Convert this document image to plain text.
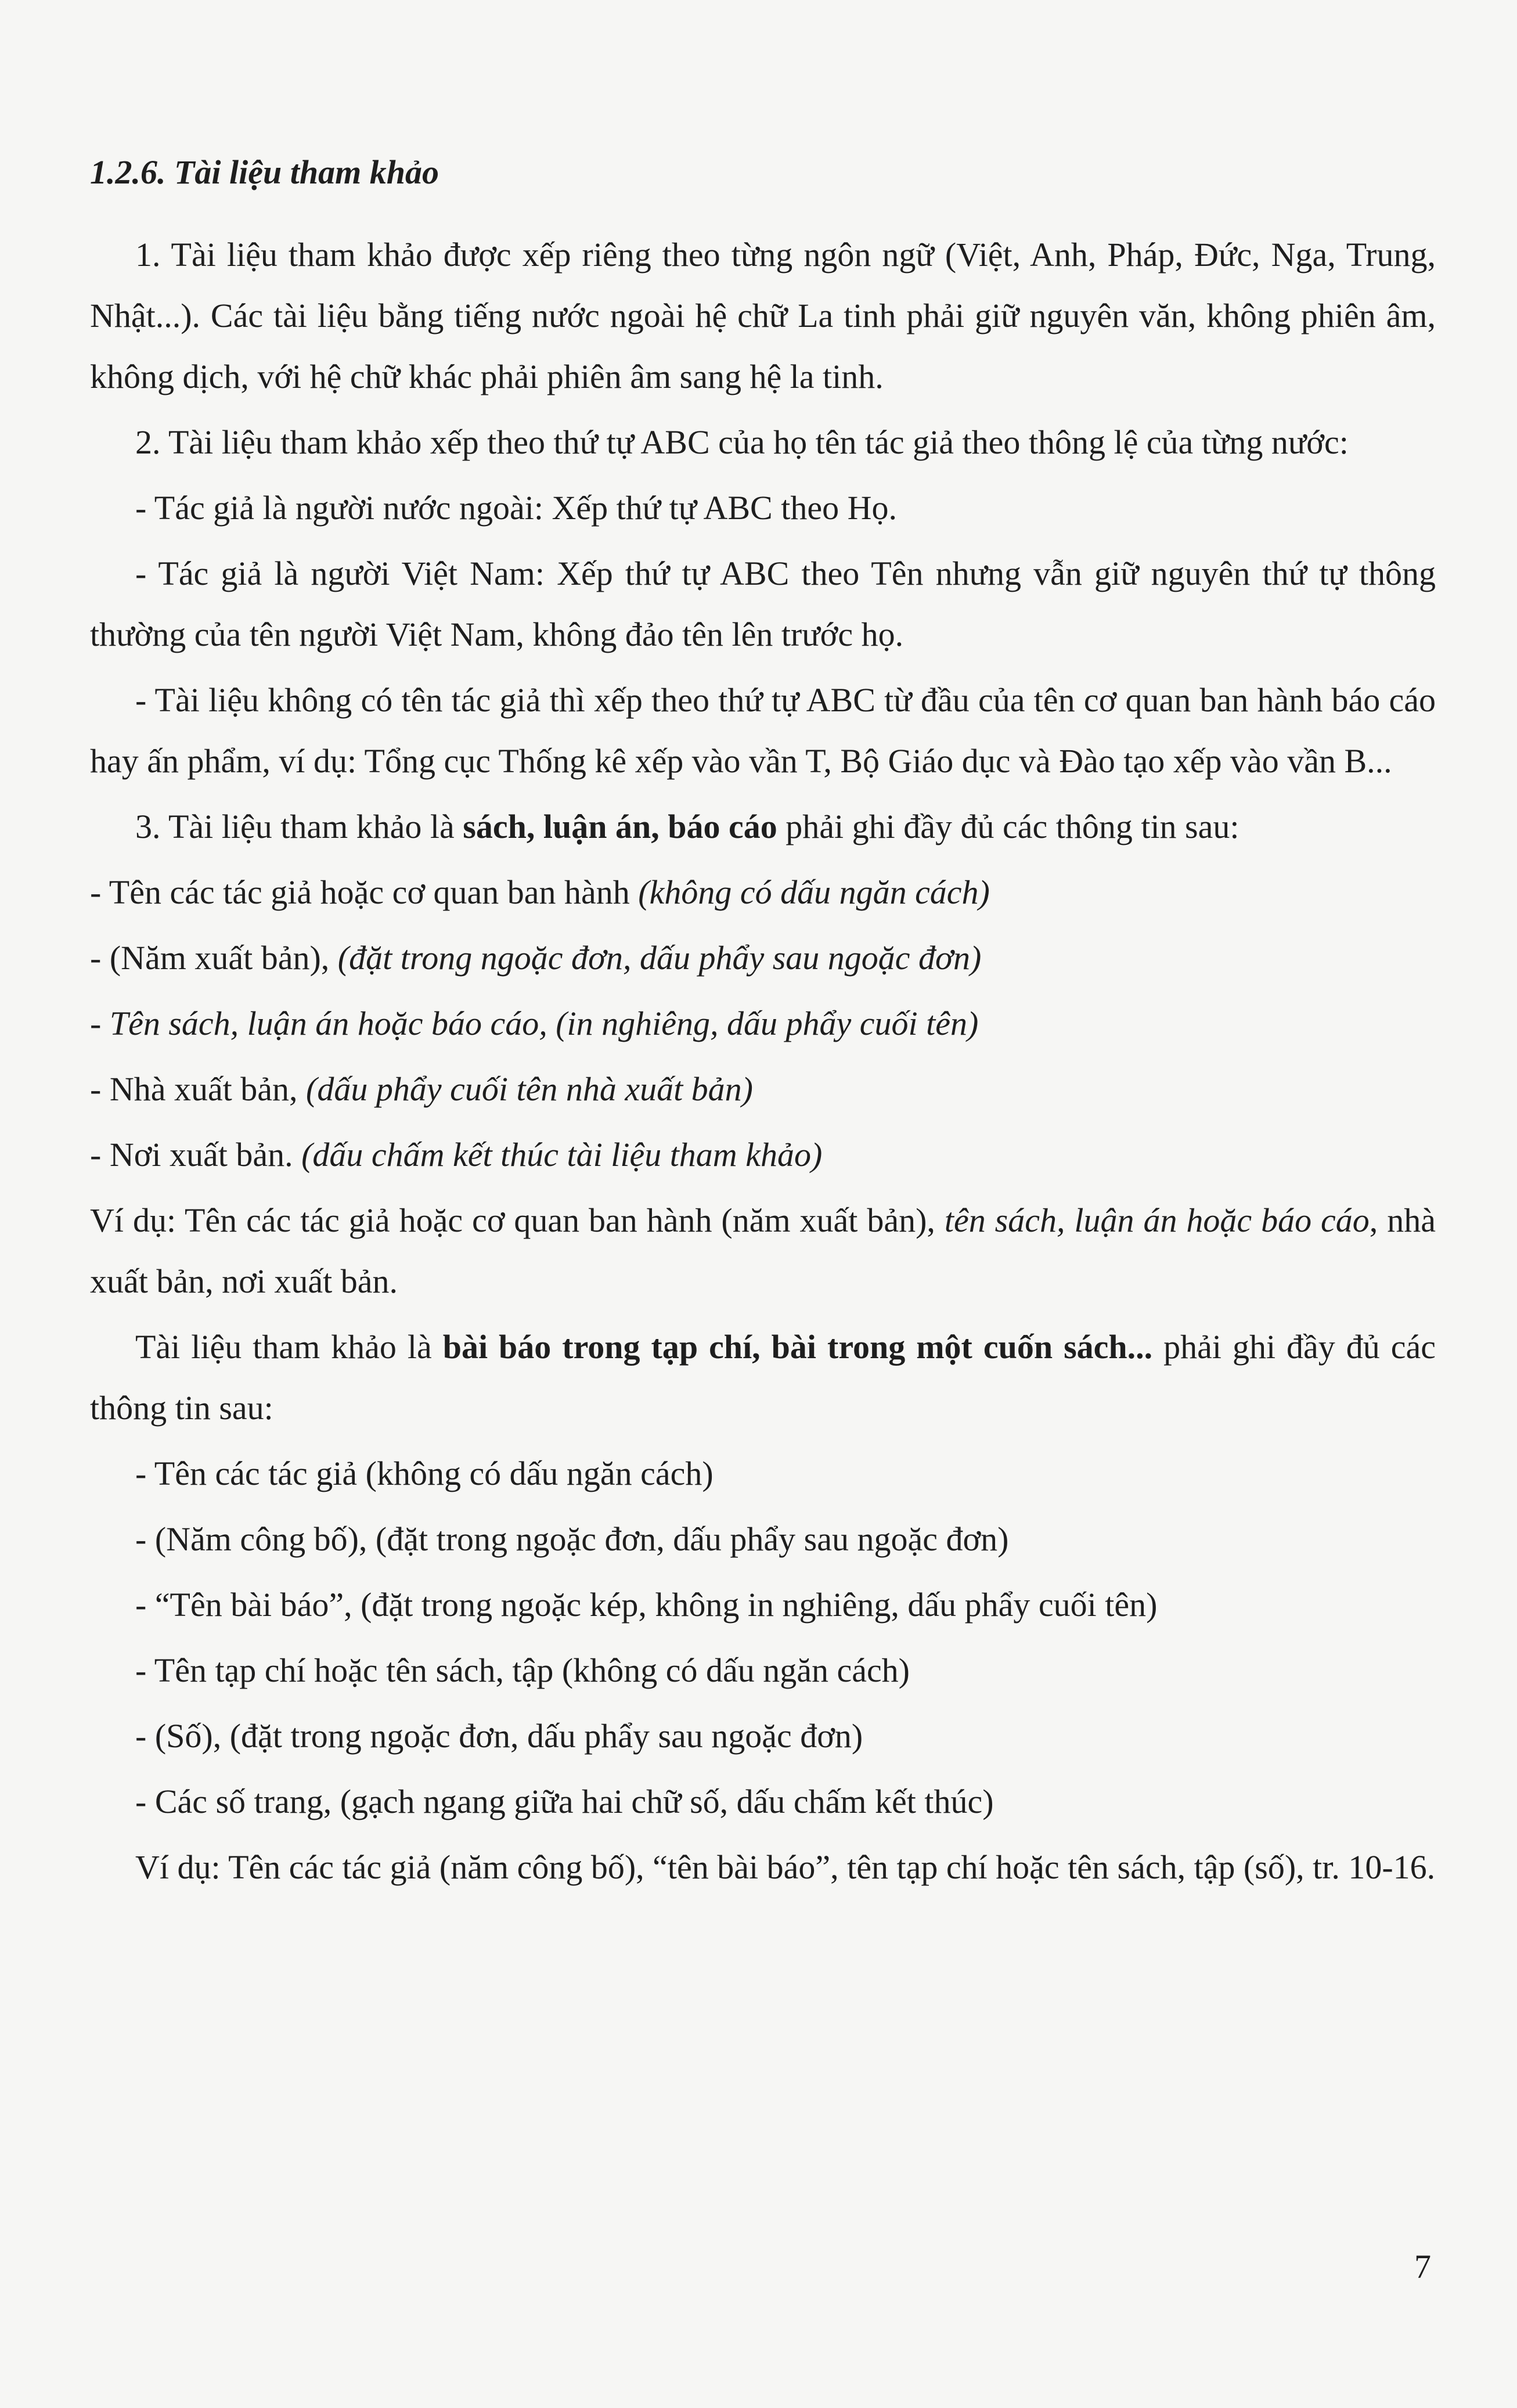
1.2.6. Tài liệu tham khảo

1. Tài liệu tham khảo được xếp riêng theo từng ngôn ngữ (Việt, Anh, Pháp, Đức, Nga, Trung, Nhật...). Các tài liệu bằng tiếng nước ngoài hệ chữ La tinh phải giữ nguyên văn, không phiên âm, không dịch, với hệ chữ khác phải phiên âm sang hệ la tinh.

2. Tài liệu tham khảo xếp theo thứ tự ABC của họ tên tác giả theo thông lệ của từng nước:

- Tác giả là người nước ngoài: Xếp thứ tự ABC theo Họ.

- Tác giả là người Việt Nam: Xếp thứ tự ABC theo Tên nhưng vẫn giữ nguyên thứ tự thông thường của tên người Việt Nam, không đảo tên lên trước họ.

- Tài liệu không có tên tác giả thì xếp theo thứ tự ABC từ đầu của tên cơ quan ban hành báo cáo hay ấn phẩm, ví dụ: Tổng cục Thống kê xếp vào vần T, Bộ Giáo dục và Đào tạo xếp vào vần B...

3. Tài liệu tham khảo là sách, luận án, báo cáo phải ghi đầy đủ các thông tin sau:

- Tên các tác giả hoặc cơ quan ban hành (không có dấu ngăn cách)

- (Năm xuất bản), (đặt trong ngoặc đơn, dấu phẩy sau ngoặc đơn)

- Tên sách, luận án hoặc báo cáo, (in nghiêng, dấu phẩy cuối tên)

- Nhà xuất bản, (dấu phẩy cuối tên nhà xuất bản)

- Nơi xuất bản. (dấu chấm kết thúc tài liệu tham khảo)

Ví dụ: Tên các tác giả hoặc cơ quan ban hành (năm xuất bản), tên sách, luận án hoặc báo cáo, nhà xuất bản, nơi xuất bản.

Tài liệu tham khảo là bài báo trong tạp chí, bài trong một cuốn sách... phải ghi đầy đủ các thông tin sau:

- Tên các tác giả (không có dấu ngăn cách)

- (Năm công bố), (đặt trong ngoặc đơn, dấu phẩy sau ngoặc đơn)

- “Tên bài báo”, (đặt trong ngoặc kép, không in nghiêng, dấu phẩy cuối tên)

- Tên tạp chí hoặc tên sách, tập (không có dấu ngăn cách)

- (Số), (đặt trong ngoặc đơn, dấu phẩy sau ngoặc đơn)

- Các số trang, (gạch ngang giữa hai chữ số, dấu chấm kết thúc)

Ví dụ: Tên các tác giả (năm công bố), “tên bài báo”, tên tạp chí hoặc tên sách, tập (số), tr. 10-16.

7
